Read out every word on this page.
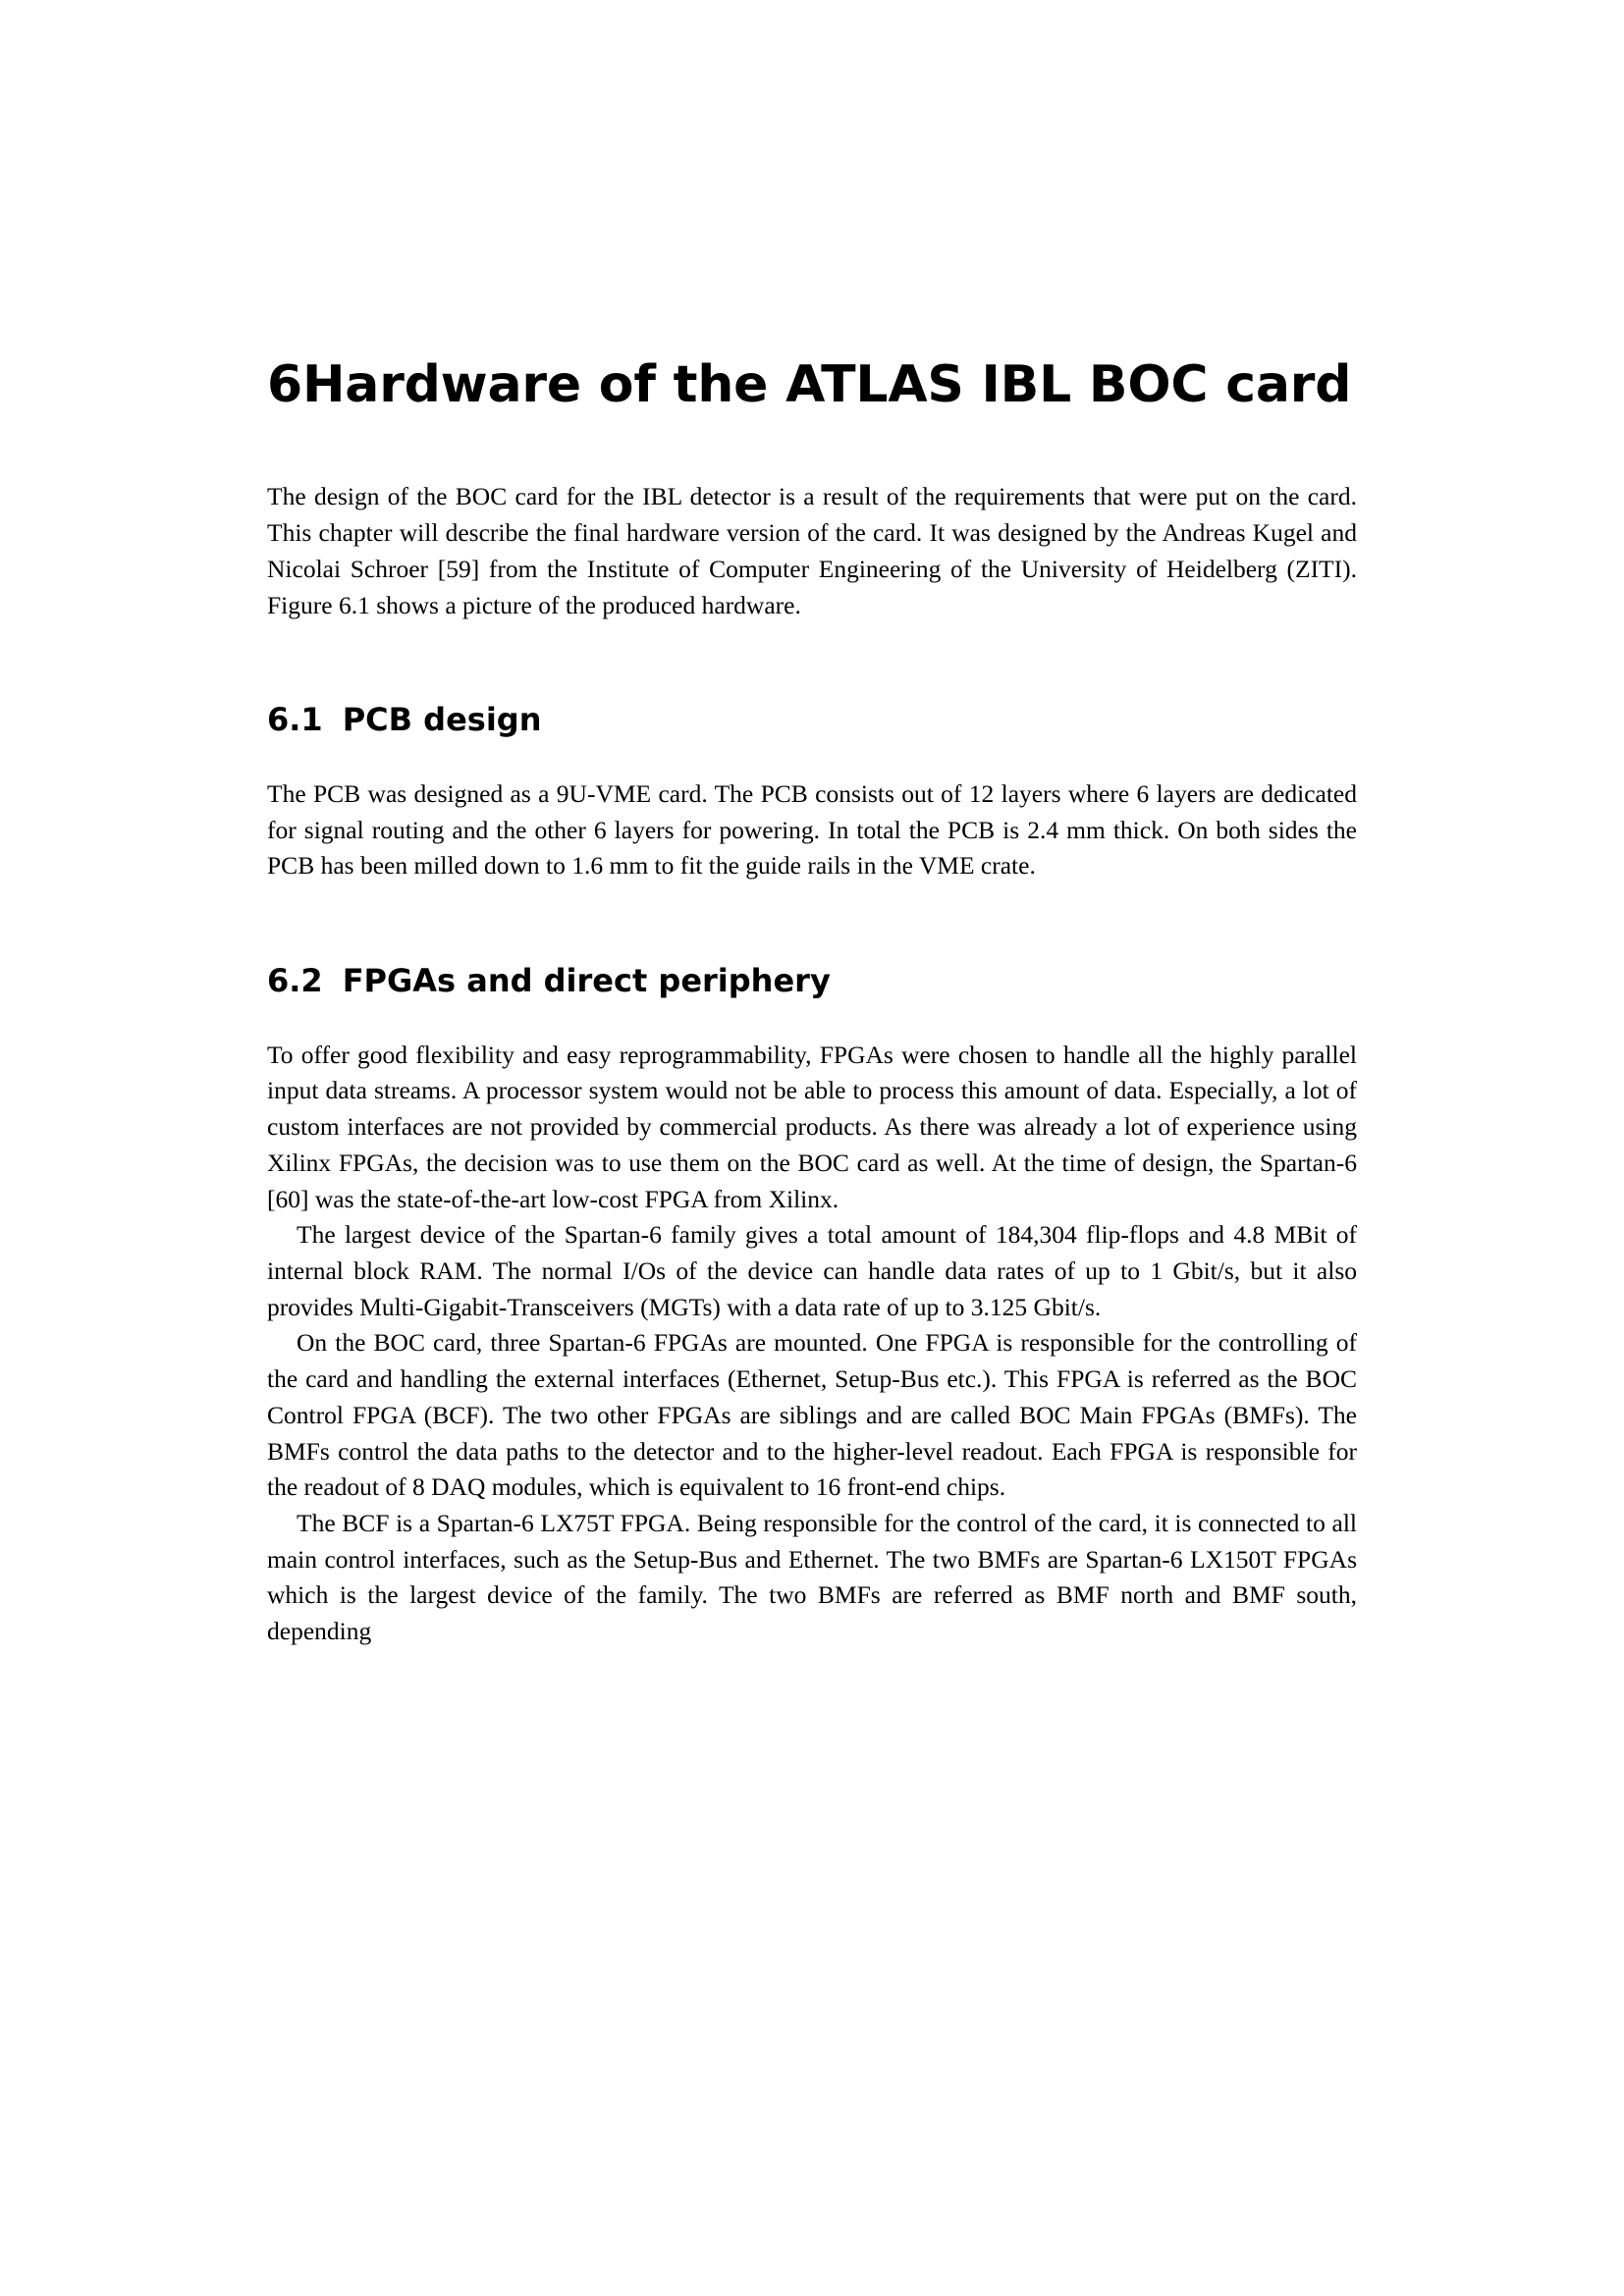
6 Hardware of the ATLAS IBL BOC card

The design of the BOC card for the IBL detector is a result of the requirements that were put on the card. This chapter will describe the final hardware version of the card. It was designed by the Andreas Kugel and Nicolai Schroer [59] from the Institute of Computer Engineering of the University of Heidelberg (ZITI). Figure 6.1 shows a picture of the produced hardware.

6.1 PCB design

The PCB was designed as a 9U-VME card. The PCB consists out of 12 layers where 6 layers are dedicated for signal routing and the other 6 layers for powering. In total the PCB is 2.4 mm thick. On both sides the PCB has been milled down to 1.6 mm to fit the guide rails in the VME crate.

6.2 FPGAs and direct periphery

To offer good flexibility and easy reprogrammability, FPGAs were chosen to handle all the highly parallel input data streams. A processor system would not be able to process this amount of data. Especially, a lot of custom interfaces are not provided by commercial products. As there was already a lot of experience using Xilinx FPGAs, the decision was to use them on the BOC card as well. At the time of design, the Spartan-6 [60] was the state-of-the-art low-cost FPGA from Xilinx.

The largest device of the Spartan-6 family gives a total amount of 184,304 flip-flops and 4.8 MBit of internal block RAM. The normal I/Os of the device can handle data rates of up to 1 Gbit/s, but it also provides Multi-Gigabit-Transceivers (MGTs) with a data rate of up to 3.125 Gbit/s.

On the BOC card, three Spartan-6 FPGAs are mounted. One FPGA is responsible for the controlling of the card and handling the external interfaces (Ethernet, Setup-Bus etc.). This FPGA is referred as the BOC Control FPGA (BCF). The two other FPGAs are siblings and are called BOC Main FPGAs (BMFs). The BMFs control the data paths to the detector and to the higher-level readout. Each FPGA is responsible for the readout of 8 DAQ modules, which is equivalent to 16 front-end chips.

The BCF is a Spartan-6 LX75T FPGA. Being responsible for the control of the card, it is connected to all main control interfaces, such as the Setup-Bus and Ethernet. The two BMFs are Spartan-6 LX150T FPGAs which is the largest device of the family. The two BMFs are referred as BMF north and BMF south, depending
